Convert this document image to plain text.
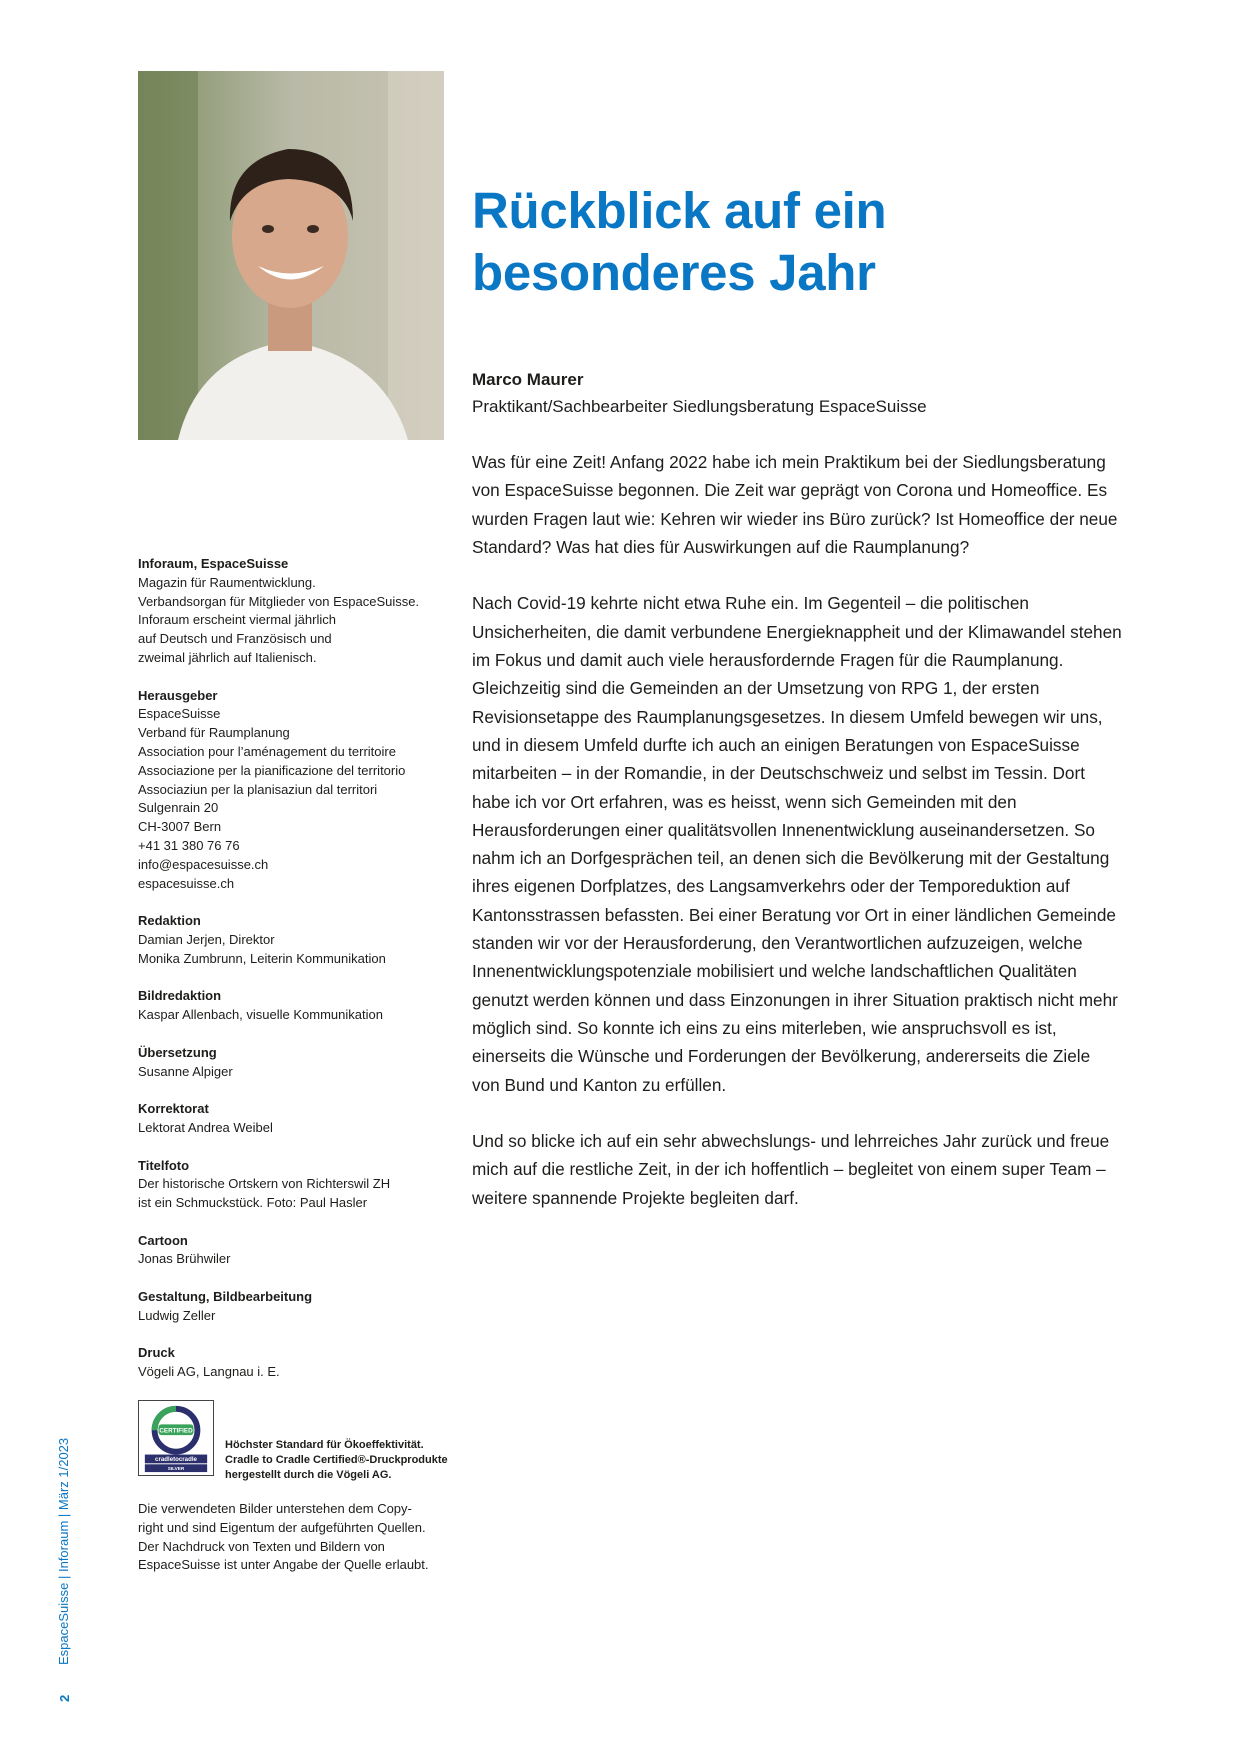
Rückblick auf ein
besonderes Jahr
Marco Maurer
Praktikant/Sachbearbeiter Siedlungsberatung EspaceSuisse

Was für eine Zeit! Anfang 2022 habe ich mein Praktikum bei der Siedlungsberatung von EspaceSuisse begonnen. Die Zeit war geprägt von Corona und Homeoffice. Es wurden Fragen laut wie: Kehren wir wieder ins Büro zurück? Ist Homeoffice der neue Standard? Was hat dies für Auswirkungen auf die Raumplanung?

Nach Covid-19 kehrte nicht etwa Ruhe ein. Im Gegenteil – die politischen Unsicherheiten, die damit verbundene Energieknappheit und der Klimawandel stehen im Fokus und damit auch viele herausfordernde Fragen für die Raumplanung. Gleichzeitig sind die Gemeinden an der Umsetzung von RPG 1, der ersten Revisionsetappe des Raumplanungsgesetzes. In diesem Umfeld bewegen wir uns, und in diesem Umfeld durfte ich auch an einigen Beratungen von EspaceSuisse mitarbeiten – in der Romandie, in der Deutschschweiz und selbst im Tessin. Dort habe ich vor Ort erfahren, was es heisst, wenn sich Gemeinden mit den Herausforderungen einer qualitätsvollen Innenentwicklung auseinandersetzen. So nahm ich an Dorfgesprächen teil, an denen sich die Bevölkerung mit der Gestaltung ihres eigenen Dorfplatzes, des Langsamverkehrs oder der Temporeduktion auf Kantonsstrassen befassten. Bei einer Beratung vor Ort in einer ländlichen Gemeinde standen wir vor der Herausforderung, den Verantwortlichen aufzuzeigen, welche Innenentwicklungspotenziale mobilisiert und welche landschaftlichen Qualitäten genutzt werden können und dass Einzonungen in ihrer Situation praktisch nicht mehr möglich sind. So konnte ich eins zu eins miterleben, wie anspruchsvoll es ist, einerseits die Wünsche und Forderungen der Bevölkerung, andererseits die Ziele von Bund und Kanton zu erfüllen.

Und so blicke ich auf ein sehr abwechslungs- und lehrreiches Jahr zurück und freue mich auf die restliche Zeit, in der ich hoffentlich – begleitet von einem super Team – weitere spannende Projekte begleiten darf.

Inforaum, EspaceSuisse
Magazin für Raumentwicklung.
Verbandsorgan für Mitglieder von EspaceSuisse.
Inforaum erscheint viermal jährlich
auf Deutsch und Französisch und
zweimal jährlich auf Italienisch.
Herausgeber
EspaceSuisse
Verband für Raumplanung
Association pour l’aménagement du territoire
Associazione per la pianificazione del territorio
Associaziun per la planisaziun dal territori
Sulgenrain 20
CH-3007 Bern
+41 31 380 76 76
info@espacesuisse.ch
espacesuisse.ch
Redaktion
Damian Jerjen, Direktor
Monika Zumbrunn, Leiterin Kommunikation
Bildredaktion
Kaspar Allenbach, visuelle Kommunikation
Übersetzung
Susanne Alpiger
Korrektorat
Lektorat Andrea Weibel
Titelfoto
Der historische Ortskern von Richterswil ZH
ist ein Schmuckstück. Foto: Paul Hasler
Cartoon
Jonas Brühwiler
Gestaltung, Bildbearbeitung
Ludwig Zeller
Druck
Vögeli AG, Langnau i. E.
CERTIFIED
cradletocradle
SILVER
Höchster Standard für Ökoeffektivität.
Cradle to Cradle Certified®-Druckprodukte
hergestellt durch die Vögeli AG.
Die verwendeten Bilder unterstehen dem Copy-
right und sind Eigentum der aufgeführten Quellen.
Der Nachdruck von Texten und Bildern von
EspaceSuisse ist unter Angabe der Quelle erlaubt.
EspaceSuisse | Inforaum | März 1/2023
2
